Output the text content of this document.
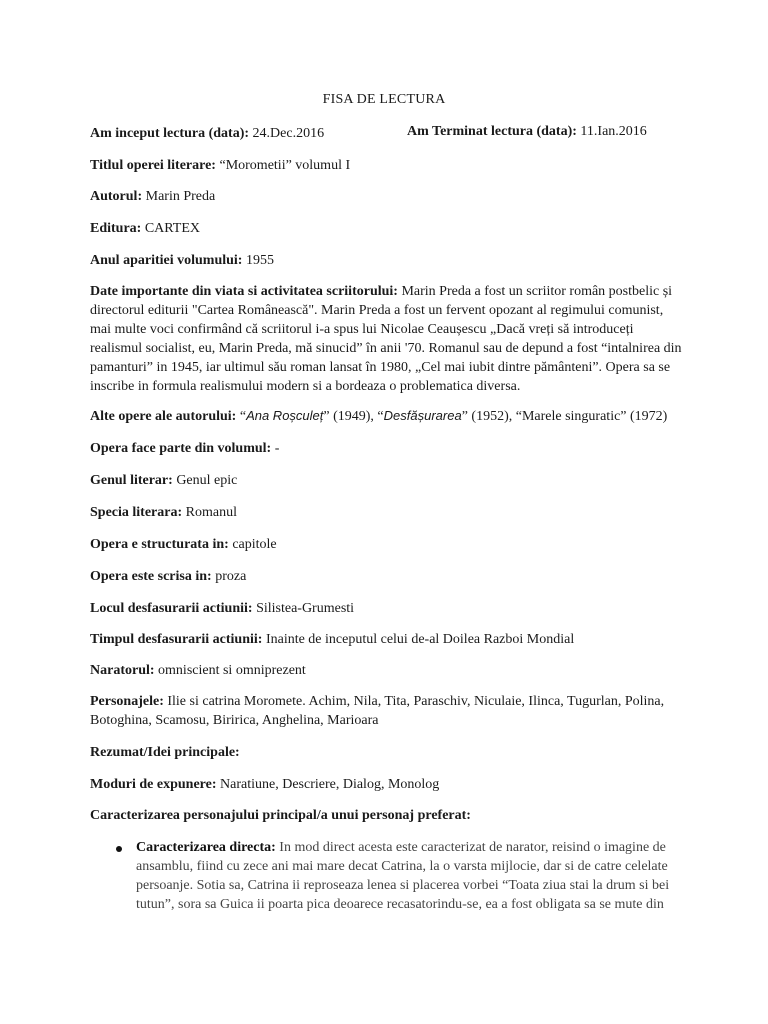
FISA DE LECTURA
Am inceput lectura (data): 24.Dec.2016	Am Terminat lectura (data): 11.Ian.2016
Titlul operei literare: “Morometii” volumul I
Autorul: Marin Preda
Editura: CARTEX
Anul aparitiei volumului: 1955
Date importante din viata si activitatea scriitorului: Marin Preda a fost un scriitor român postbelic și
directorul editurii "Cartea Românească". Marin Preda a fost un fervent opozant al regimului comunist,
mai multe voci confirmând că scriitorul i-a spus lui Nicolae Ceaușescu „Dacă vreți să introduceți
realismul socialist, eu, Marin Preda, mă sinucid” în anii '70. Romanul sau de depund a fost “intalnirea din
pamanturi” in 1945, iar ultimul său roman lansat în 1980, „Cel mai iubit dintre pământeni”. Opera sa se
inscribe in formula realismului modern si a bordeaza o problematica diversa.
Alte opere ale autorului: “Ana Roșculeț” (1949), “Desfășurarea” (1952), “Marele singuratic” (1972)
Opera face parte din volumul: -
Genul literar: Genul epic
Specia literara: Romanul
Opera e structurata in: capitole
Opera este scrisa in: proza
Locul desfasurarii actiunii: Silistea-Grumesti
Timpul desfasurarii actiunii: Inainte de inceputul celui de-al Doilea Razboi Mondial
Naratorul: omniscient si omniprezent
Personajele: Ilie si catrina Moromete. Achim, Nila, Tita, Paraschiv, Niculaie, Ilinca, Tugurlan, Polina,
Botoghina, Scamosu, Biririca, Anghelina, Marioara
Rezumat/Idei principale:
Moduri de expunere: Naratiune, Descriere, Dialog, Monolog
Caracterizarea personajului principal/a unui personaj preferat:
Caracterizarea directa: In mod direct acesta este caracterizat de narator, reisind o imagine de
ansamblu, fiind cu zece ani mai mare decat Catrina, la o varsta mijlocie, dar si de catre celelate
persoanje. Sotia sa, Catrina ii reproseaza lenea si placerea vorbei “Toata ziua stai la drum si bei
tutun”, sora sa Guica ii poarta pica deoarece recasatorindu-se, ea a fost obligata sa se mute din
